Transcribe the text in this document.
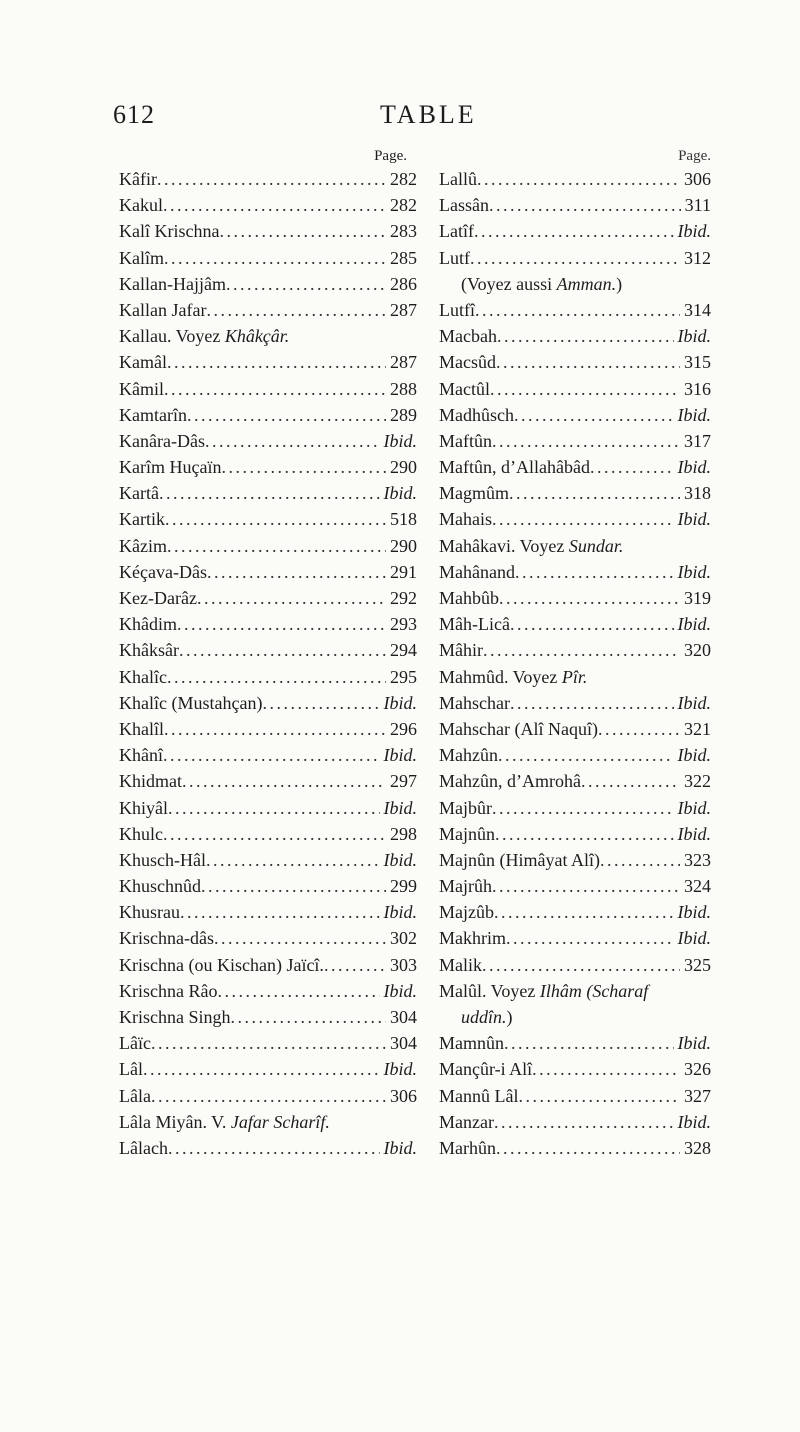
612	TABLE
Page.
Kâfir . . .	282
Kakul . . .	282
Kalî Krischna . . .	283
Kalîm . . .	285
Kallan-Hajjâm . . .	286
Kallan Jafar . . .	287
Kallau. Voyez Khâkçâr.
Kamâl . . .	287
Kâmil . . .	288
Kamtarîn . . .	289
Kanâra-Dâs . . .	Ibid.
Karîm Huçaïn . . .	290
Kartâ . . .	Ibid.
Kartik . . .	518
Kâzim . . .	290
Kéçava-Dâs . . .	291
Kez-Darâz . . .	292
Khâdim . . .	293
Khâksâr . . .	294
Khalîc . . .	295
Khalîc (Mustahçan) . . .	Ibid.
Khalîl . . .	296
Khânî . . .	Ibid.
Khidmat . . .	297
Khiyâl . . .	Ibid.
Khulc . . .	298
Khusch-Hâl . . .	Ibid.
Khuschnûd . . .	299
Khusrau . . .	Ibid.
Krischna-dâs . . .	302
Krischna (ou Kischan) Jaïcî. . . .	303
Krischna Râo . . .	Ibid.
Krischna Singh . . .	304
Lâïc . . .	304
Lâl . . .	Ibid.
Lâla . . .	306
Lâla Miyân. V. Jafar Scharîf.
Lâlach . . .	Ibid.
Page.
Lallû . . .	306
Lassân . . .	311
Latîf . . .	Ibid.
Lutf . . .	312
(Voyez aussi Amman.)
Lutfî . . .	314
Macbah . . .	Ibid.
Macsûd . . .	315
Mactûl . . .	316
Madhûsch . . .	Ibid.
Maftûn . . .	317
Maftûn, d’Allahâbâd . . .	Ibid.
Magmûm . . .	318
Mahais . . .	Ibid.
Mahâkavi. Voyez Sundar.
Mahânand . . .	Ibid.
Mahbûb . . .	319
Mâh-Licâ . . .	Ibid.
Mâhir . . .	320
Mahmûd. Voyez Pîr.
Mahschar . . .	Ibid.
Mahschar (Alî Naquî) . . .	321
Mahzûn . . .	Ibid.
Mahzûn, d’Amrohâ . . .	322
Majbûr . . .	Ibid.
Majnûn . . .	Ibid.
Majnûn (Himâyat Alî) . . .	323
Majrûh . . .	324
Majzûb . . .	Ibid.
Makhrim . . .	Ibid.
Malik . . .	325
Malûl. Voyez Ilhâm (Scharaf
uddîn.)
Mamnûn . . .	Ibid.
Mançûr-i Alî . . .	326
Mannû Lâl . . .	327
Manzar . . .	Ibid.
Marhûn . . .	328
